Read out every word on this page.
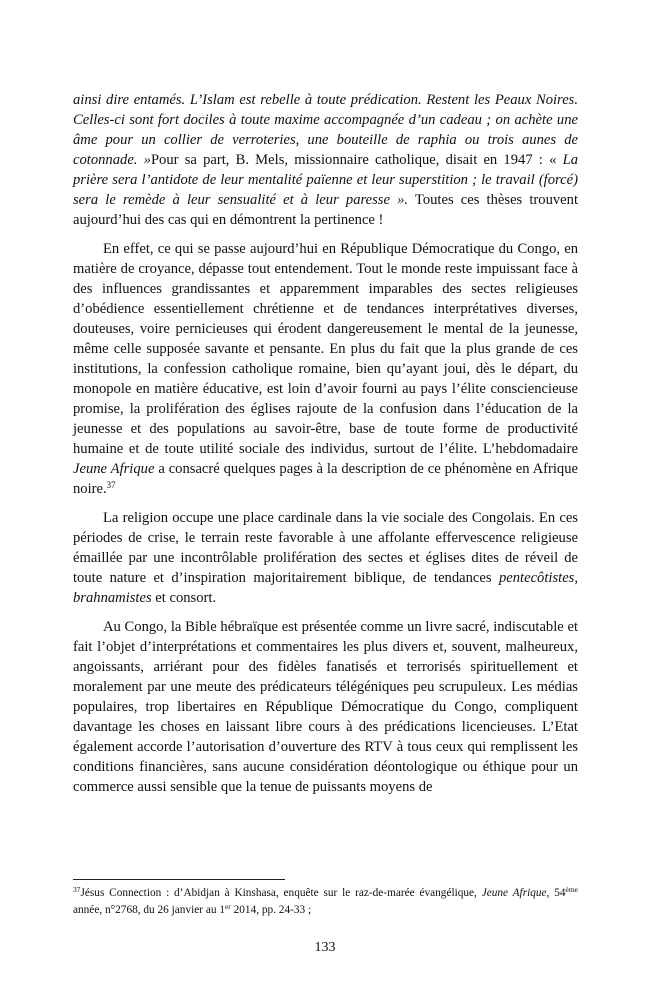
ainsi dire entamés. L’Islam est rebelle à toute prédication. Restent les Peaux Noires. Celles-ci sont fort dociles à toute maxime accompagnée d’un cadeau ; on achète une âme pour un collier de verroteries, une bouteille de raphia ou trois aunes de cotonnade. »Pour sa part, B. Mels, missionnaire catholique, disait en 1947 : « La prière sera l’antidote de leur mentalité païenne et leur superstition ; le travail (forcé) sera le remède à leur sensualité et à leur paresse ». Toutes ces thèses trouvent aujourd’hui des cas qui en démontrent la pertinence !

En effet, ce qui se passe aujourd’hui en République Démocratique du Congo, en matière de croyance, dépasse tout entendement. Tout le monde reste impuissant face à des influences grandissantes et apparemment imparables des sectes religieuses d’obédience essentiellement chrétienne et de tendances interprétatives diverses, douteuses, voire pernicieuses qui érodent dangereusement le mental de la jeunesse, même celle supposée savante et pensante. En plus du fait que la plus grande de ces institutions, la confession catholique romaine, bien qu’ayant joui, dès le départ, du monopole en matière éducative, est loin d’avoir fourni au pays l’élite consciencieuse promise, la prolifération des églises rajoute de la confusion dans l’éducation de la jeunesse et des populations au savoir-être, base de toute forme de productivité humaine et de toute utilité sociale des individus, surtout de l’élite. L’hebdomadaire Jeune Afrique a consacré quelques pages à la description de ce phénomène en Afrique noire.$^{37}$

La religion occupe une place cardinale dans la vie sociale des Congolais. En ces périodes de crise, le terrain reste favorable à une affolante effervescence religieuse émaillée par une incontrôlable prolifération des sectes et églises dites de réveil de toute nature et d’inspiration majoritairement biblique, de tendances pentecôtistes, brahnamistes et consort.

Au Congo, la Bible hébraïque est présentée comme un livre sacré, indiscutable et fait l’objet d’interprétations et commentaires les plus divers et, souvent, malheureux, angoissants, arriérant pour des fidèles fanatisés et terrorisés spirituellement et moralement par une meute des prédicateurs télégéniques peu scrupuleux. Les médias populaires, trop libertaires en République Démocratique du Congo, compliquent davantage les choses en laissant libre cours à des prédications licencieuses. L’Etat également accorde l’autorisation d’ouverture des RTV à tous ceux qui remplissent les conditions financières, sans aucune considération déontologique ou éthique pour un commerce aussi sensible que la tenue de puissants moyens de

$^{37}$Jésus Connection : d’Abidjan à Kinshasa, enquête sur le raz-de-marée évangélique, Jeune Afrique, 54ème année, n°2768, du 26 janvier au 1er 2014, pp. 24-33 ;

133
